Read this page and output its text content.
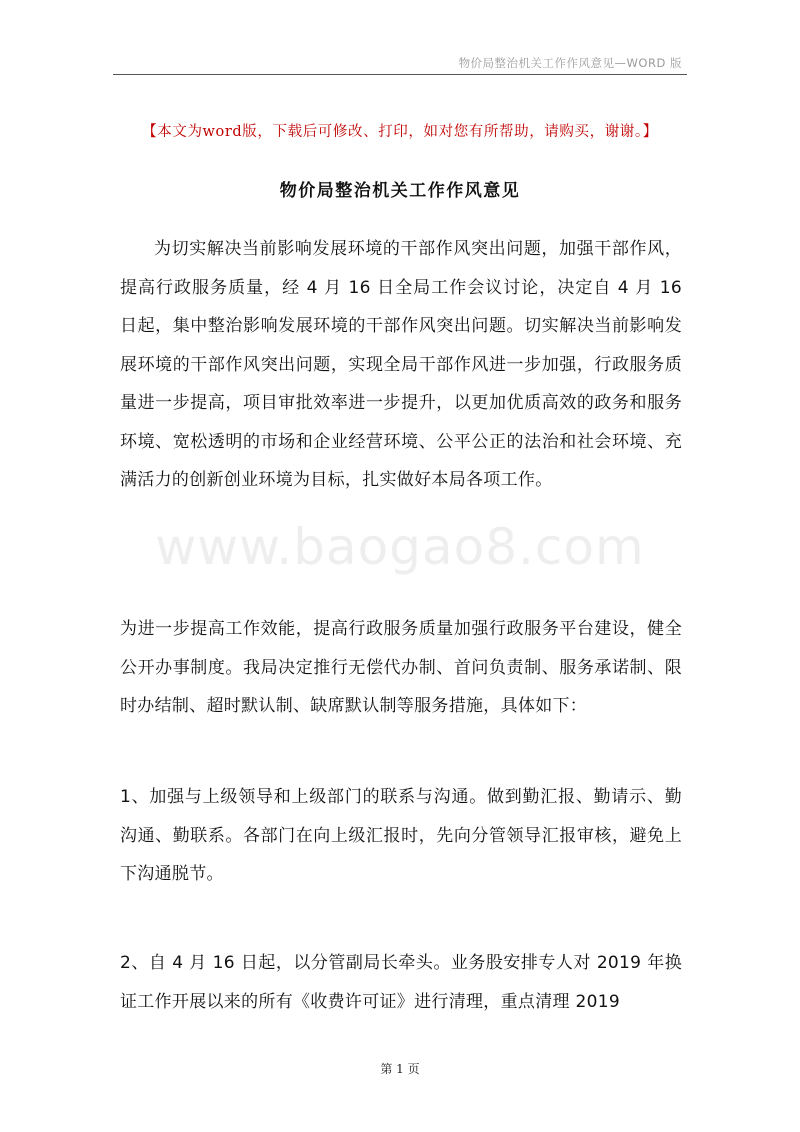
物价局整治机关工作作风意见—WORD 版
【本文为word版，下载后可修改、打印，如对您有所帮助，请购买，谢谢。】
物价局整治机关工作作风意见
为切实解决当前影响发展环境的干部作风突出问题，加强干部作风，提高行政服务质量，经 4 月 16 日全局工作会议讨论，决定自 4 月 16 日起，集中整治影响发展环境的干部作风突出问题。切实解决当前影响发展环境的干部作风突出问题，实现全局干部作风进一步加强，行政服务质量进一步提高，项目审批效率进一步提升，以更加优质高效的政务和服务环境、宽松透明的市场和企业经营环境、公平公正的法治和社会环境、充满活力的创新创业环境为目标，扎实做好本局各项工作。
www.baogao8.com
为进一步提高工作效能，提高行政服务质量加强行政服务平台建设，健全公开办事制度。我局决定推行无偿代办制、首问负责制、服务承诺制、限时办结制、超时默认制、缺席默认制等服务措施，具体如下：
1、加强与上级领导和上级部门的联系与沟通。做到勤汇报、勤请示、勤沟通、勤联系。各部门在向上级汇报时，先向分管领导汇报审核，避免上下沟通脱节。
2、自 4 月 16 日起，以分管副局长牵头。业务股安排专人对 2019 年换证工作开展以来的所有《收费许可证》进行清理，重点清理 2019
第 1 页
